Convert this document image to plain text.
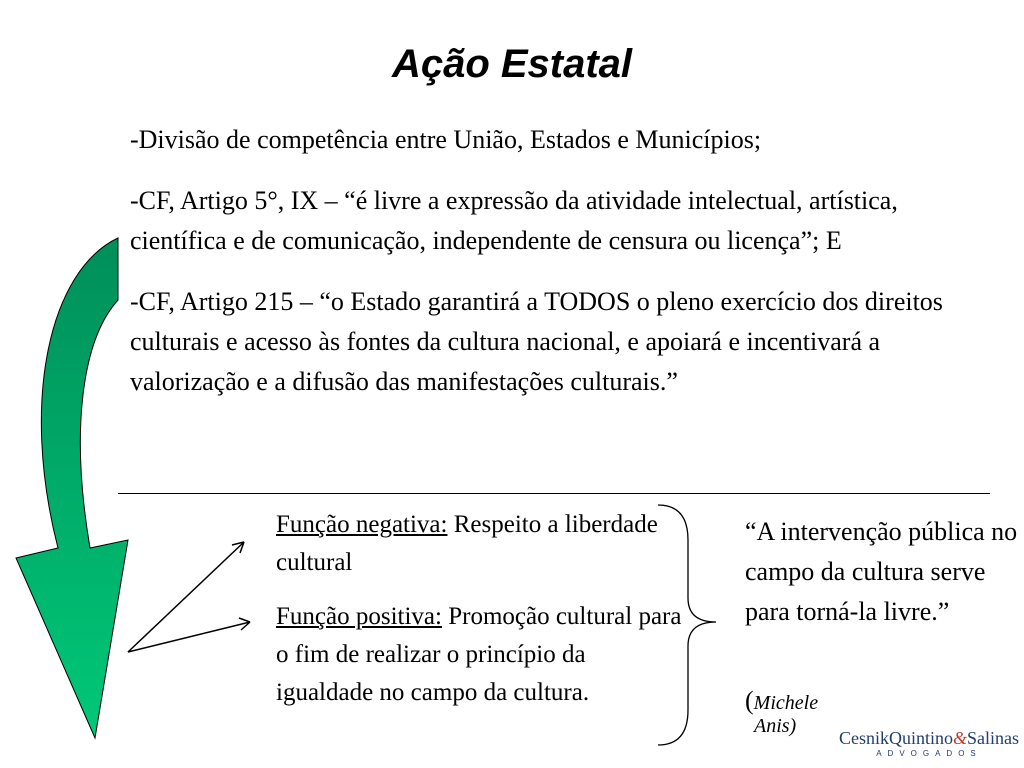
Ação Estatal

-Divisão de competência entre União, Estados e Municípios;

-CF, Artigo 5°, IX – “é livre a expressão da atividade intelectual, artística, científica e de comunicação, independente de censura ou licença”; E

-CF, Artigo 215 – “o Estado garantirá a TODOS o pleno exercício dos direitos culturais e acesso às fontes da cultura nacional, e apoiará e incentivará a valorização e a difusão das manifestações culturais.”

Função negativa: Respeito a liberdade cultural
Função positiva: Promoção cultural para o fim de realizar o princípio da igualdade no campo da cultura.
“A intervenção pública no campo da cultura serve para torná-la livre.”
(Michele
Anis)
CesnikQuintino&Salinas
ADVOGADOS
